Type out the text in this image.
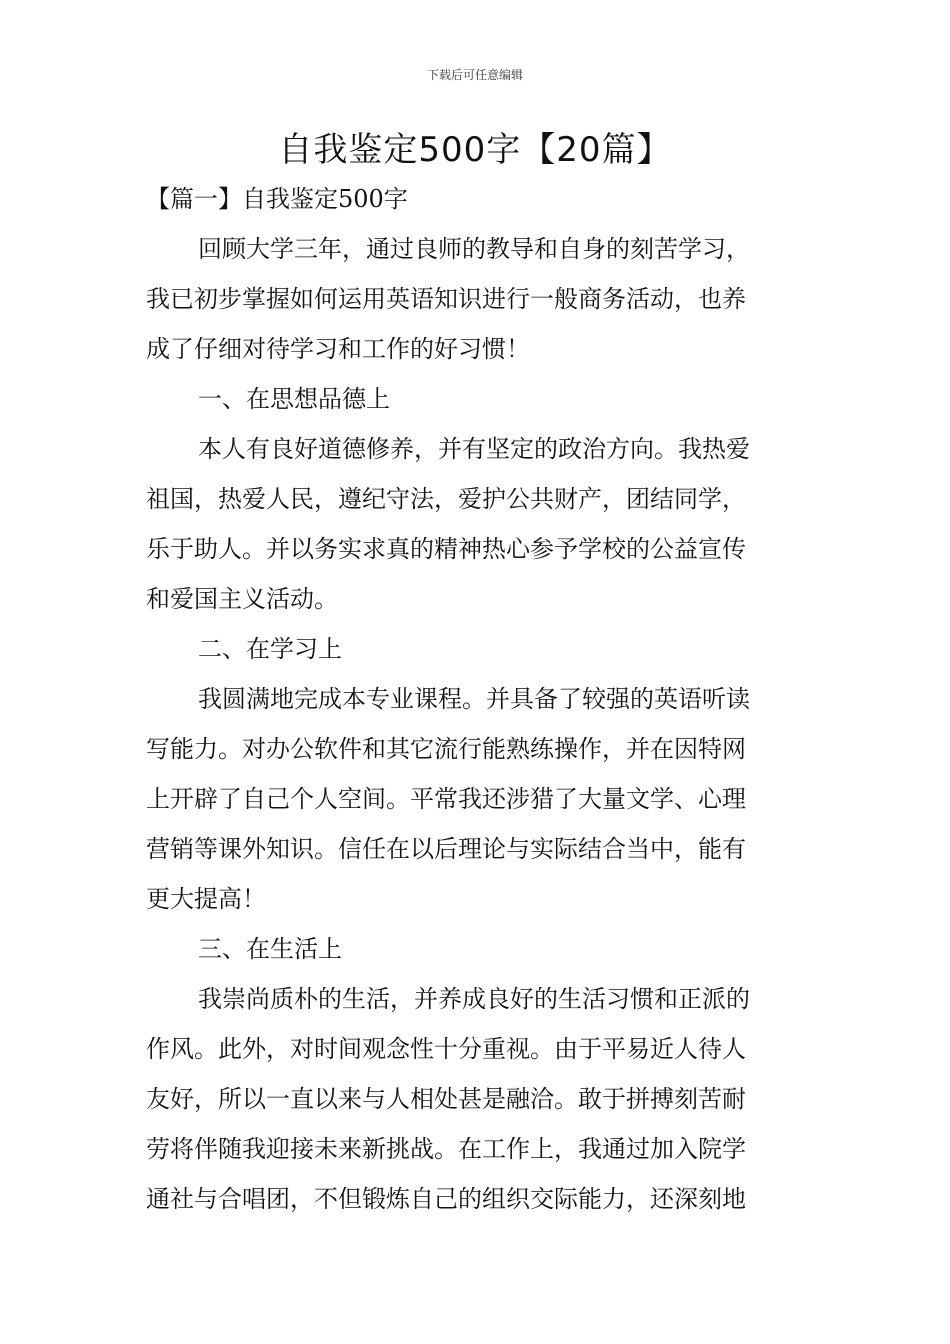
下载后可任意编辑
自我鉴定500字【20篇】
【篇一】自我鉴定500字
回顾大学三年，通过良师的教导和自身的刻苦学习，
我已初步掌握如何运用英语知识进行一般商务活动，也养
成了仔细对待学习和工作的好习惯！
一、在思想品德上
本人有良好道德修养，并有坚定的政治方向。我热爱
祖国，热爱人民，遵纪守法，爱护公共财产，团结同学，
乐于助人。并以务实求真的精神热心参予学校的公益宣传
和爱国主义活动。
二、在学习上
我圆满地完成本专业课程。并具备了较强的英语听读
写能力。对办公软件和其它流行能熟练操作，并在因特网
上开辟了自己个人空间。平常我还涉猎了大量文学、心理
营销等课外知识。信任在以后理论与实际结合当中，能有
更大提高！
三、在生活上
我崇尚质朴的生活，并养成良好的生活习惯和正派的
作风。此外，对时间观念性十分重视。由于平易近人待人
友好，所以一直以来与人相处甚是融洽。敢于拼搏刻苦耐
劳将伴随我迎接未来新挑战。在工作上，我通过加入院学
通社与合唱团，不但锻炼自己的组织交际能力，还深刻地
